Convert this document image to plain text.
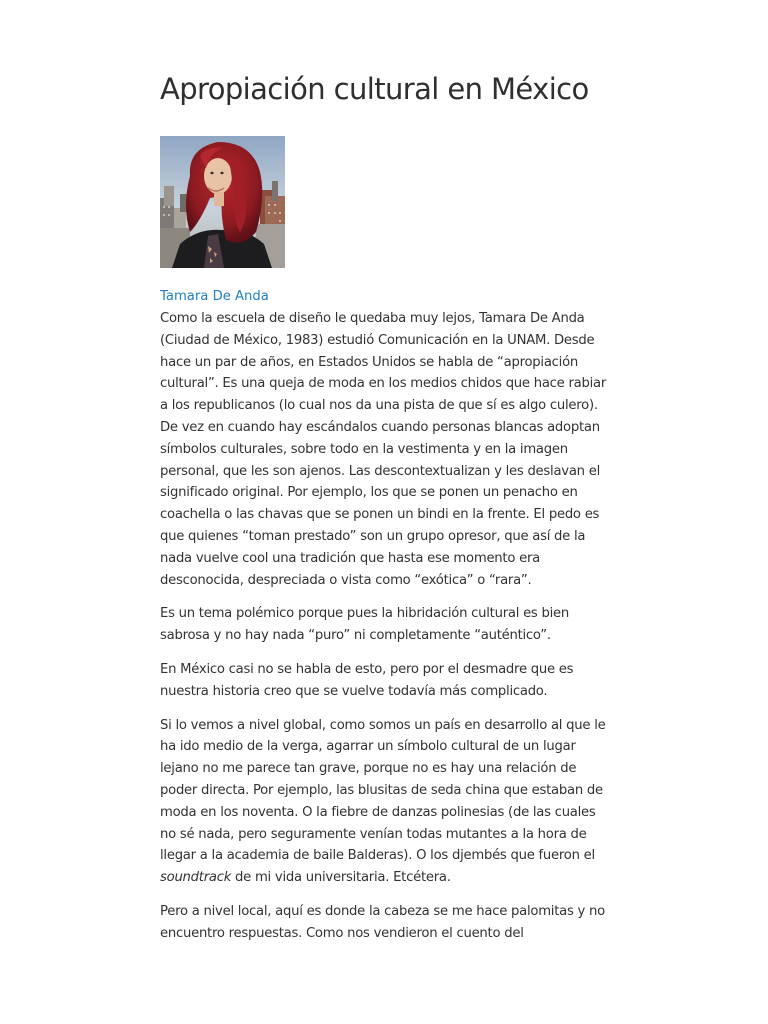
Apropiación cultural en México
Tamara De Anda

Como la escuela de diseño le quedaba muy lejos, Tamara De Anda (Ciudad de México, 1983) estudió Comunicación en la UNAM. Desde hace un par de años, en Estados Unidos se habla de “apropiación cultural”. Es una queja de moda en los medios chidos que hace rabiar a los republicanos (lo cual nos da una pista de que sí es algo culero). De vez en cuando hay escándalos cuando personas blancas adoptan símbolos culturales, sobre todo en la vestimenta y en la imagen personal, que les son ajenos. Las descontextualizan y les deslavan el significado original. Por ejemplo, los que se ponen un penacho en coachella o las chavas que se ponen un bindi en la frente. El pedo es que quienes “toman prestado” son un grupo opresor, que así de la nada vuelve cool una tradición que hasta ese momento era desconocida, despreciada o vista como “exótica” o “rara”.

Es un tema polémico porque pues la hibridación cultural es bien sabrosa y no hay nada “puro” ni completamente “auténtico”.

En México casi no se habla de esto, pero por el desmadre que es nuestra historia creo que se vuelve todavía más complicado.

Si lo vemos a nivel global, como somos un país en desarrollo al que le ha ido medio de la verga, agarrar un símbolo cultural de un lugar lejano no me parece tan grave, porque no es hay una relación de poder directa. Por ejemplo, las blusitas de seda china que estaban de moda en los noventa. O la fiebre de danzas polinesias (de las cuales no sé nada, pero seguramente venían todas mutantes a la hora de llegar a la academia de baile Balderas). O los djembés que fueron el soundtrack de mi vida universitaria. Etcétera.

Pero a nivel local, aquí es donde la cabeza se me hace palomitas y no encuentro respuestas. Como nos vendieron el cuento del
